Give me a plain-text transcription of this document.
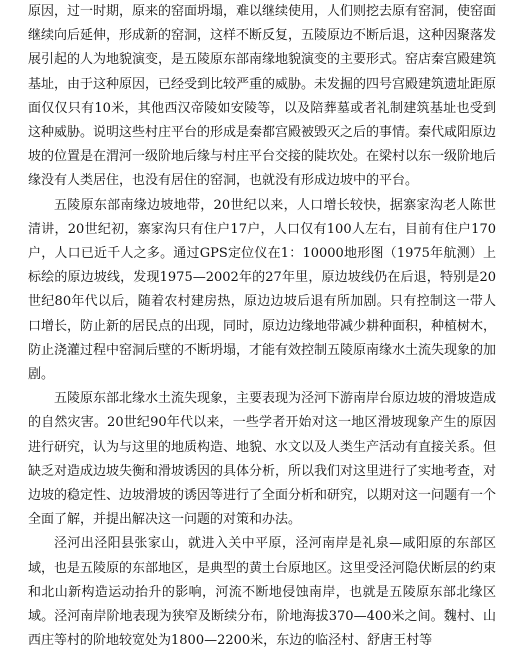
原因，过一时期，原来的窑面坍塌，难以继续使用，人们则挖去原有窑洞，使窑面继续向后延伸，形成新的窑洞，这样不断反复，五陵原边不断后退，这种因聚落发展引起的人为地貌演变，是五陵原东部南缘地貌演变的主要形式。窑店秦宫殿建筑基址，由于这种原因，已经受到比较严重的威胁。未发掘的四号宫殿建筑遗址距原面仅仅只有10米，其他西汉帝陵如安陵等，以及陪葬墓或者礼制建筑基址也受到这种威胁。说明这些村庄平台的形成是秦都宫殿被毁灭之后的事情。秦代咸阳原边坡的位置是在渭河一级阶地后缘与村庄平台交接的陡坎处。在梁村以东一级阶地后缘没有人类居住，也没有居住的窑洞，也就没有形成边坡中的平台。

五陵原东部南缘边坡地带，20世纪以来，人口增长较快，据寨家沟老人陈世清讲，20世纪初，寨家沟只有住户17户，人口仅有100人左右，目前有住户170户，人口已近千人之多。通过GPS定位仪在1：10000地形图（1975年航测）上标绘的原边坡线，发现1975—2002年的27年里，原边坡线仍在后退，特别是20世纪80年代以后，随着农村建房热，原边边坡后退有所加剧。只有控制这一带人口增长，防止新的居民点的出现，同时，原边边缘地带减少耕种面积，种植树木，防止浇灌过程中窑洞后壁的不断坍塌，才能有效控制五陵原南缘水土流失现象的加剧。

五陵原东部北缘水土流失现象，主要表现为泾河下游南岸台原边坡的滑坡造成的自然灾害。20世纪90年代以来，一些学者开始对这一地区滑坡现象产生的原因进行研究，认为与这里的地质构造、地貌、水文以及人类生产活动有直接关系。但缺乏对造成边坡失衡和滑坡诱因的具体分析，所以我们对这里进行了实地考查，对边坡的稳定性、边坡滑坡的诱因等进行了全面分析和研究，以期对这一问题有一个全面了解，并提出解决这一问题的对策和办法。

泾河出泾阳县张家山，就进入关中平原，泾河南岸是礼泉—咸阳原的东部区域，也是五陵原的东部地区，是典型的黄土台原地区。这里受泾河隐伏断层的约束和北山新构造运动抬升的影响，河流不断地侵蚀南岸，也就是五陵原东部北缘区域。泾河南岸阶地表现为狭窄及断续分布，阶地海拔370—400米之间。魏村、山西庄等村的阶地较宽处为1800—2200米，东边的临泾村、舒唐王村等
